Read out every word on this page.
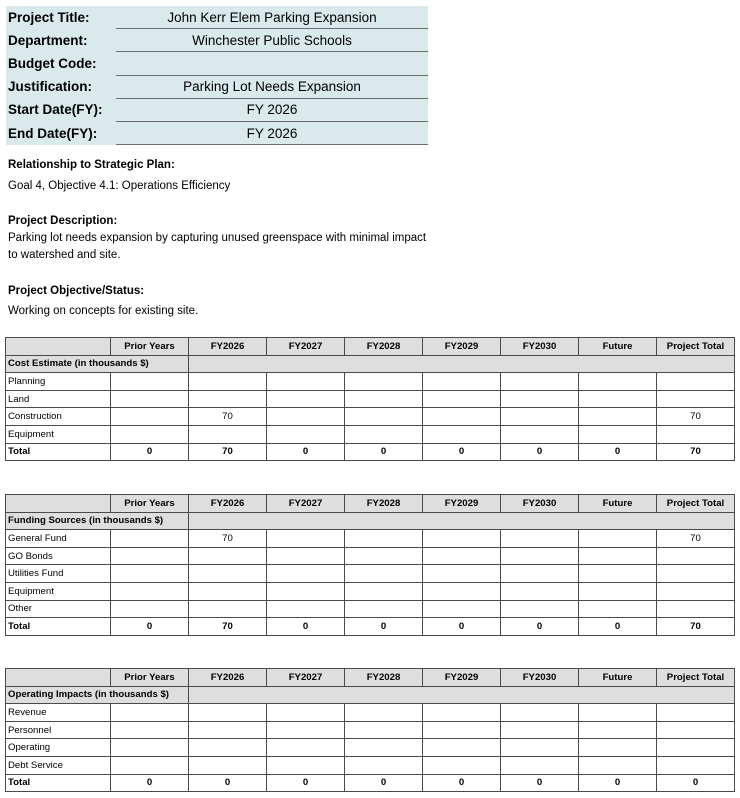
Project Title:		John Kerr Elem Parking Expansion
Department:		Winchester Public Schools
Budget Code:		
Justification:		Parking Lot Needs Expansion
Start Date(FY):		FY 2026
End Date(FY):		FY 2026
Relationship to Strategic Plan:
Goal 4, Objective 4.1: Operations Efficiency
Project Description:
Parking lot needs expansion by capturing unused greenspace with minimal impact to watershed and site.
Project Objective/Status:
Working on concepts for existing site.
	Prior Years	FY2026	FY2027	FY2028	FY2029	FY2030	Future	Project Total
Cost Estimate (in thousands $)								
Planning								
Land								
Construction		70						70
Equipment								
Total	0	70	0	0	0	0	0	70
	Prior Years	FY2026	FY2027	FY2028	FY2029	FY2030	Future	Project Total
Funding Sources (in thousands $)								
General Fund		70						70
GO Bonds								
Utilities Fund								
Equipment								
Other								
Total	0	70	0	0	0	0	0	70
	Prior Years	FY2026	FY2027	FY2028	FY2029	FY2030	Future	Project Total
Operating Impacts (in thousands $)								
Revenue								
Personnel								
Operating								
Debt Service								
Total	0	0	0	0	0	0	0	0
